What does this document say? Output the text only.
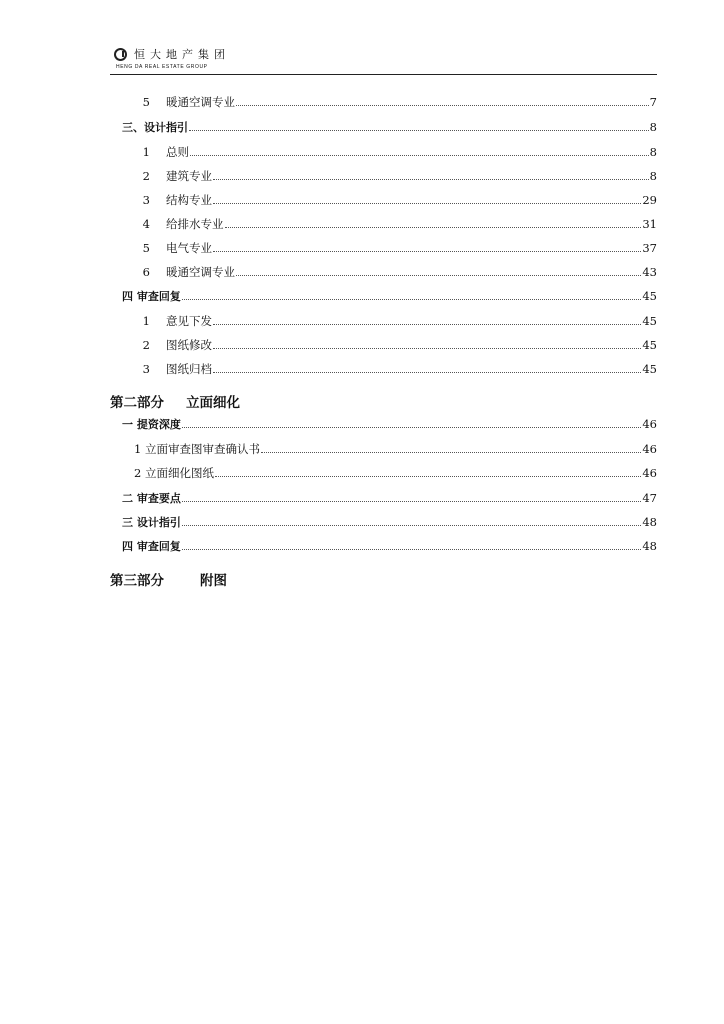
恒大地产集团
HENG DA REAL ESTATE GROUP
5	暖通空调专业	7
三、设计指引	8
1	总则	8
2	建筑专业	8
3	结构专业	29
4	给排水专业	31
5	电气专业	37
6	暖通空调专业	43
四 审查回复	45
1	意见下发	45
2	图纸修改	45
3	图纸归档	45
第二部分 立面细化
一 提资深度	46
1 立面审查图审查确认书	46
2 立面细化图纸	46
二 审查要点	47
三 设计指引	48
四 审查回复	48
第三部分	附图
